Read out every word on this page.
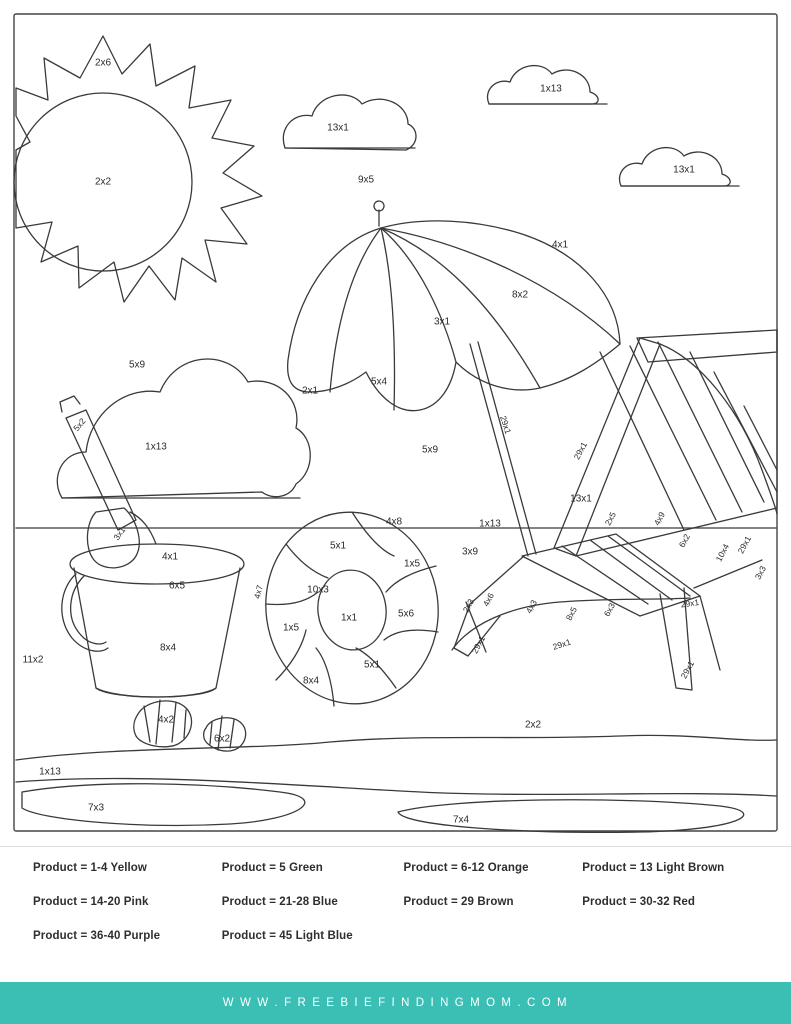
2x6
2x2
1x13
13x1
13x1
9x5
4x1
8x2
3x1
5x9
2x1
5x4
1x13
5x2
5x9
29x1
29x1
13x1
2x5	4x9
6x2
10x4 29x1
3x3
3x1
4x1
6x5
4x8	1x13
5x1
3x9
1x5
10x3
1x1	5x6
4x7
2x3 4x6	4x3	8x5	6x3	29x1
1x5
8x4
8x4
5x1
29x1	29x1
29x1
11x2
4x2
6x2
2x2
1x13
7x3
7x4
Product = 1-4 Yellow	Product = 5 Green	Product = 6-12 Orange	Product = 13 Light Brown
Product = 14-20 Pink	Product = 21-28 Blue	Product = 29 Brown	Product = 30-32 Red
Product = 36-40 Purple	Product = 45 Light Blue
W W W . F R E E B I E F I N D I N G M O M . C O M
